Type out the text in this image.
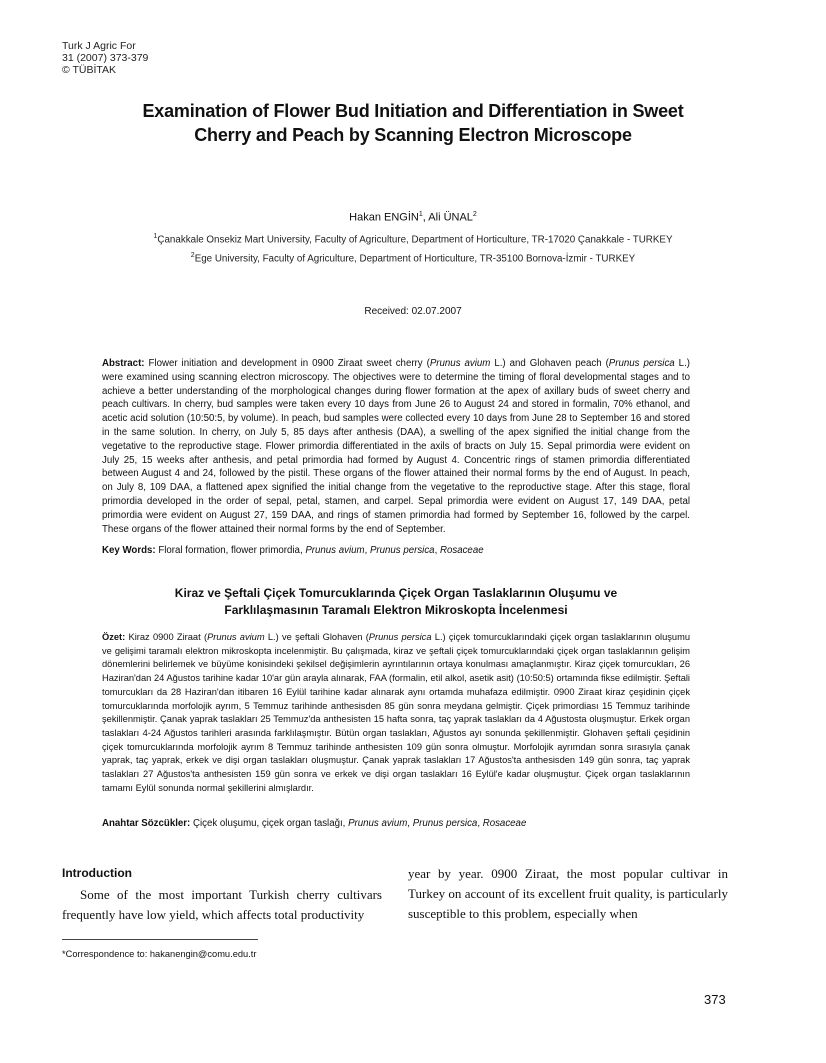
Turk J Agric For
31 (2007) 373-379
© TÜBİTAK
Examination of Flower Bud Initiation and Differentiation in Sweet
Cherry and Peach by Scanning Electron Microscope
Hakan ENGİN$^1$, Ali ÜNAL$^2$
$^1$Çanakkale Onsekiz Mart University, Faculty of Agriculture, Department of Horticulture, TR-17020 Çanakkale - TURKEY
$^2$Ege University, Faculty of Agriculture, Department of Horticulture, TR-35100 Bornova-İzmir - TURKEY
Received: 02.07.2007
Abstract: Flower initiation and development in 0900 Ziraat sweet cherry (Prunus avium L.) and Glohaven peach (Prunus persica L.) were examined using scanning electron microscopy. The objectives were to determine the timing of floral developmental stages and to achieve a better understanding of the morphological changes during flower formation at the apex of axillary buds of sweet cherry and peach cultivars. In cherry, bud samples were taken every 10 days from June 26 to August 24 and stored in formalin, 70% ethanol, and acetic acid solution (10:50:5, by volume). In peach, bud samples were collected every 10 days from June 28 to September 16 and stored in the same solution. In cherry, on July 5, 85 days after anthesis (DAA), a swelling of the apex signified the initial change from the vegetative to the reproductive stage. Flower primordia differentiated in the axils of bracts on July 15. Sepal primordia were evident on July 25, 15 weeks after anthesis, and petal primordia had formed by August 4. Concentric rings of stamen primordia differentiated between August 4 and 24, followed by the pistil. These organs of the flower attained their normal forms by the end of August. In peach, on July 8, 109 DAA, a flattened apex signified the initial change from the vegetative to the reproductive stage. After this stage, floral primordia developed in the order of sepal, petal, stamen, and carpel. Sepal primordia were evident on August 17, 149 DAA, petal primordia were evident on August 27, 159 DAA, and rings of stamen primordia had formed by September 16, followed by the carpel. These organs of the flower attained their normal forms by the end of September.
Key Words: Floral formation, flower primordia, Prunus avium, Prunus persica, Rosaceae
Kiraz ve Şeftali Çiçek Tomurcuklarında Çiçek Organ Taslaklarının Oluşumu ve
Farklılaşmasının Taramalı Elektron Mikroskopta İncelenmesi
Özet: Kiraz 0900 Ziraat (Prunus avium L.) ve şeftali Glohaven (Prunus persica L.) çiçek tomurcuklarındaki çiçek organ taslaklarının oluşumu ve gelişimi taramalı elektron mikroskopta incelenmiştir. Bu çalışmada, kiraz ve şeftali çiçek tomurcuklarındaki çiçek organ taslaklarının gelişim dönemlerini belirlemek ve büyüme konisindeki şekilsel değişimlerin ayrıntılarının ortaya konulması amaçlanmıştır. Kiraz çiçek tomurcukları, 26 Haziran'dan 24 Ağustos tarihine kadar 10'ar gün arayla alınarak, FAA (formalin, etil alkol, asetik asit) (10:50:5) ortamında fikse edilmiştir. Şeftali tomurcukları da 28 Haziran'dan itibaren 16 Eylül tarihine kadar alınarak aynı ortamda muhafaza edilmiştir. 0900 Ziraat kiraz çeşidinin çiçek tomurcuklarında morfolojik ayrım, 5 Temmuz tarihinde anthesisden 85 gün sonra meydana gelmiştir. Çiçek primordiası 15 Temmuz tarihinde şekillenmiştir. Çanak yaprak taslakları 25 Temmuz'da anthesisten 15 hafta sonra, taç yaprak taslakları da 4 Ağustosta oluşmuştur. Erkek organ taslakları 4-24 Ağustos tarihleri arasında farklılaşmıştır. Bütün organ taslakları, Ağustos ayı sonunda şekillenmiştir. Glohaven şeftali çeşidinin çiçek tomurcuklarında morfolojik ayrım 8 Temmuz tarihinde anthesisten 109 gün sonra olmuştur. Morfolojik ayrımdan sonra sırasıyla çanak yaprak, taç yaprak, erkek ve dişi organ taslakları oluşmuştur. Çanak yaprak taslakları 17 Ağustos'ta anthesisden 149 gün sonra, taç yaprak taslakları 27 Ağustos'ta anthesisten 159 gün sonra ve erkek ve dişi organ taslakları 16 Eylül'e kadar oluşmuştur. Çiçek organ taslaklarının tamamı Eylül sonunda normal şekillerini almışlardır.
Anahtar Sözcükler: Çiçek oluşumu, çiçek organ taslağı, Prunus avium, Prunus persica, Rosaceae
Introduction
Some of the most important Turkish cherry cultivars frequently have low yield, which affects total productivity
year by year. 0900 Ziraat, the most popular cultivar in Turkey on account of its excellent fruit quality, is particularly susceptible to this problem, especially when
*Correspondence to: hakanengin@comu.edu.tr
373
